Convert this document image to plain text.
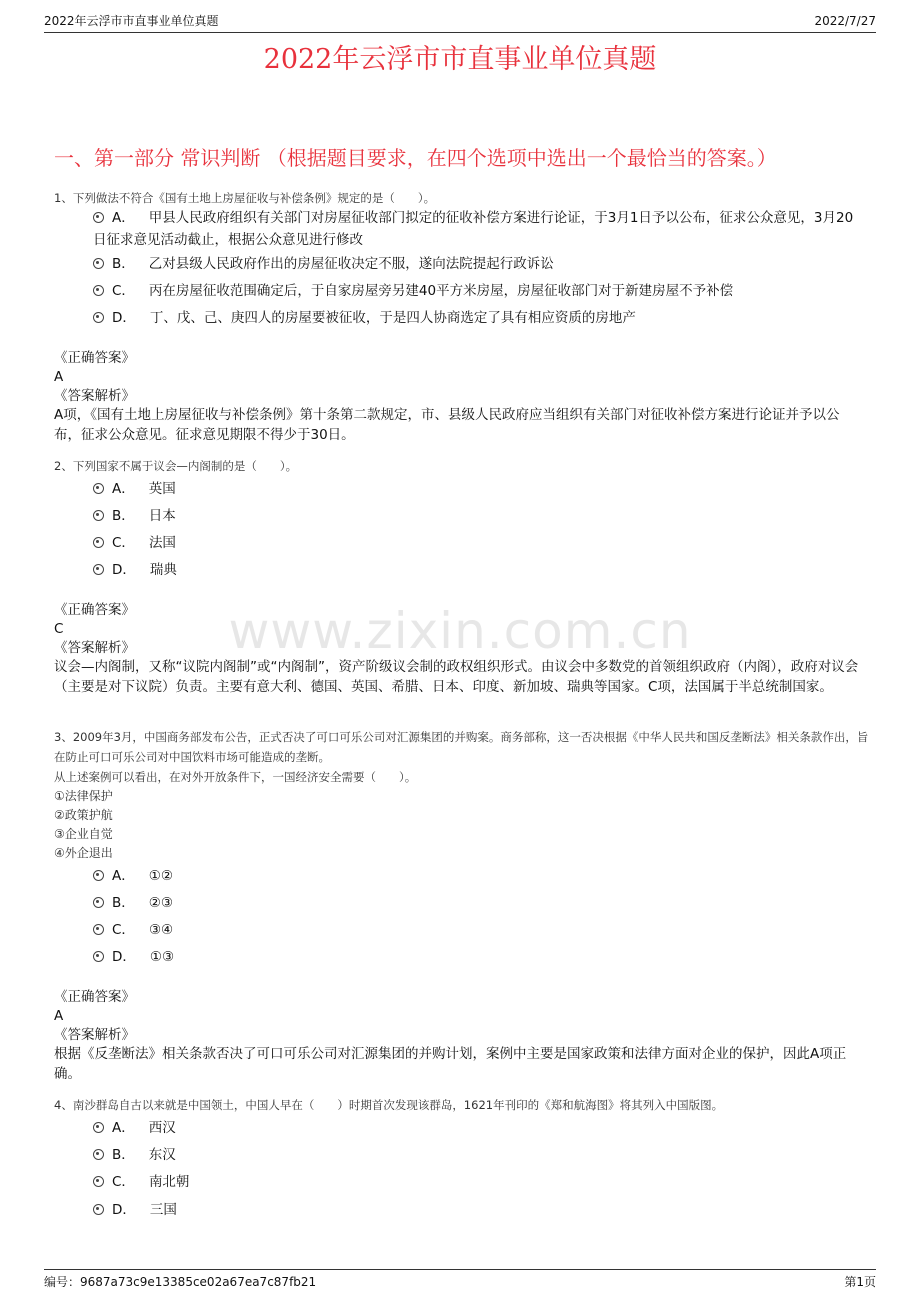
2022年云浮市市直事业单位真题	2022/7/27
2022年云浮市市直事业单位真题
一、第一部分 常识判断 （根据题目要求，在四个选项中选出一个最恰当的答案。）
1、下列做法不符合《国有土地上房屋征收与补偿条例》规定的是（　　）。
A． 甲县人民政府组织有关部门对房屋征收部门拟定的征收补偿方案进行论证，于3月1日予以公布，征求公众意见，3月20日征求意见活动截止，根据公众意见进行修改
B． 乙对县级人民政府作出的房屋征收决定不服，遂向法院提起行政诉讼
C． 丙在房屋征收范围确定后，于自家房屋旁另建40平方米房屋，房屋征收部门对于新建房屋不予补偿
D． 丁、戊、己、庚四人的房屋要被征收，于是四人协商选定了具有相应资质的房地产
《正确答案》
A
《答案解析》
A项，《国有土地上房屋征收与补偿条例》第十条第二款规定，市、县级人民政府应当组织有关部门对征收补偿方案进行论证并予以公布，征求公众意见。征求意见期限不得少于30日。
2、下列国家不属于议会—内阁制的是（　　）。
A． 英国
B． 日本
C． 法国
D． 瑞典
《正确答案》
C
《答案解析》
议会—内阁制，又称“议院内阁制”或“内阁制”，资产阶级议会制的政权组织形式。由议会中多数党的首领组织政府（内阁），政府对议会（主要是对下议院）负责。主要有意大利、德国、英国、希腊、日本、印度、新加坡、瑞典等国家。C项，法国属于半总统制国家。
3、2009年3月，中国商务部发布公告，正式否决了可口可乐公司对汇源集团的并购案。商务部称，这一否决根据《中华人民共和国反垄断法》相关条款作出，旨在防止可口可乐公司对中国饮料市场可能造成的垄断。
从上述案例可以看出，在对外开放条件下，一国经济安全需要（　　）。
①法律保护
②政策护航
③企业自觉
④外企退出
A． ①②
B． ②③
C． ③④
D． ①③
《正确答案》
A
《答案解析》
根据《反垄断法》相关条款否决了可口可乐公司对汇源集团的并购计划，案例中主要是国家政策和法律方面对企业的保护，因此A项正确。
4、南沙群岛自古以来就是中国领土，中国人早在（　　）时期首次发现该群岛，1621年刊印的《郑和航海图》将其列入中国版图。
A． 西汉
B． 东汉
C． 南北朝
D． 三国
www.zixin.com.cn
编号：9687a73c9e13385ce02a67ea7c87fb21	第1页
